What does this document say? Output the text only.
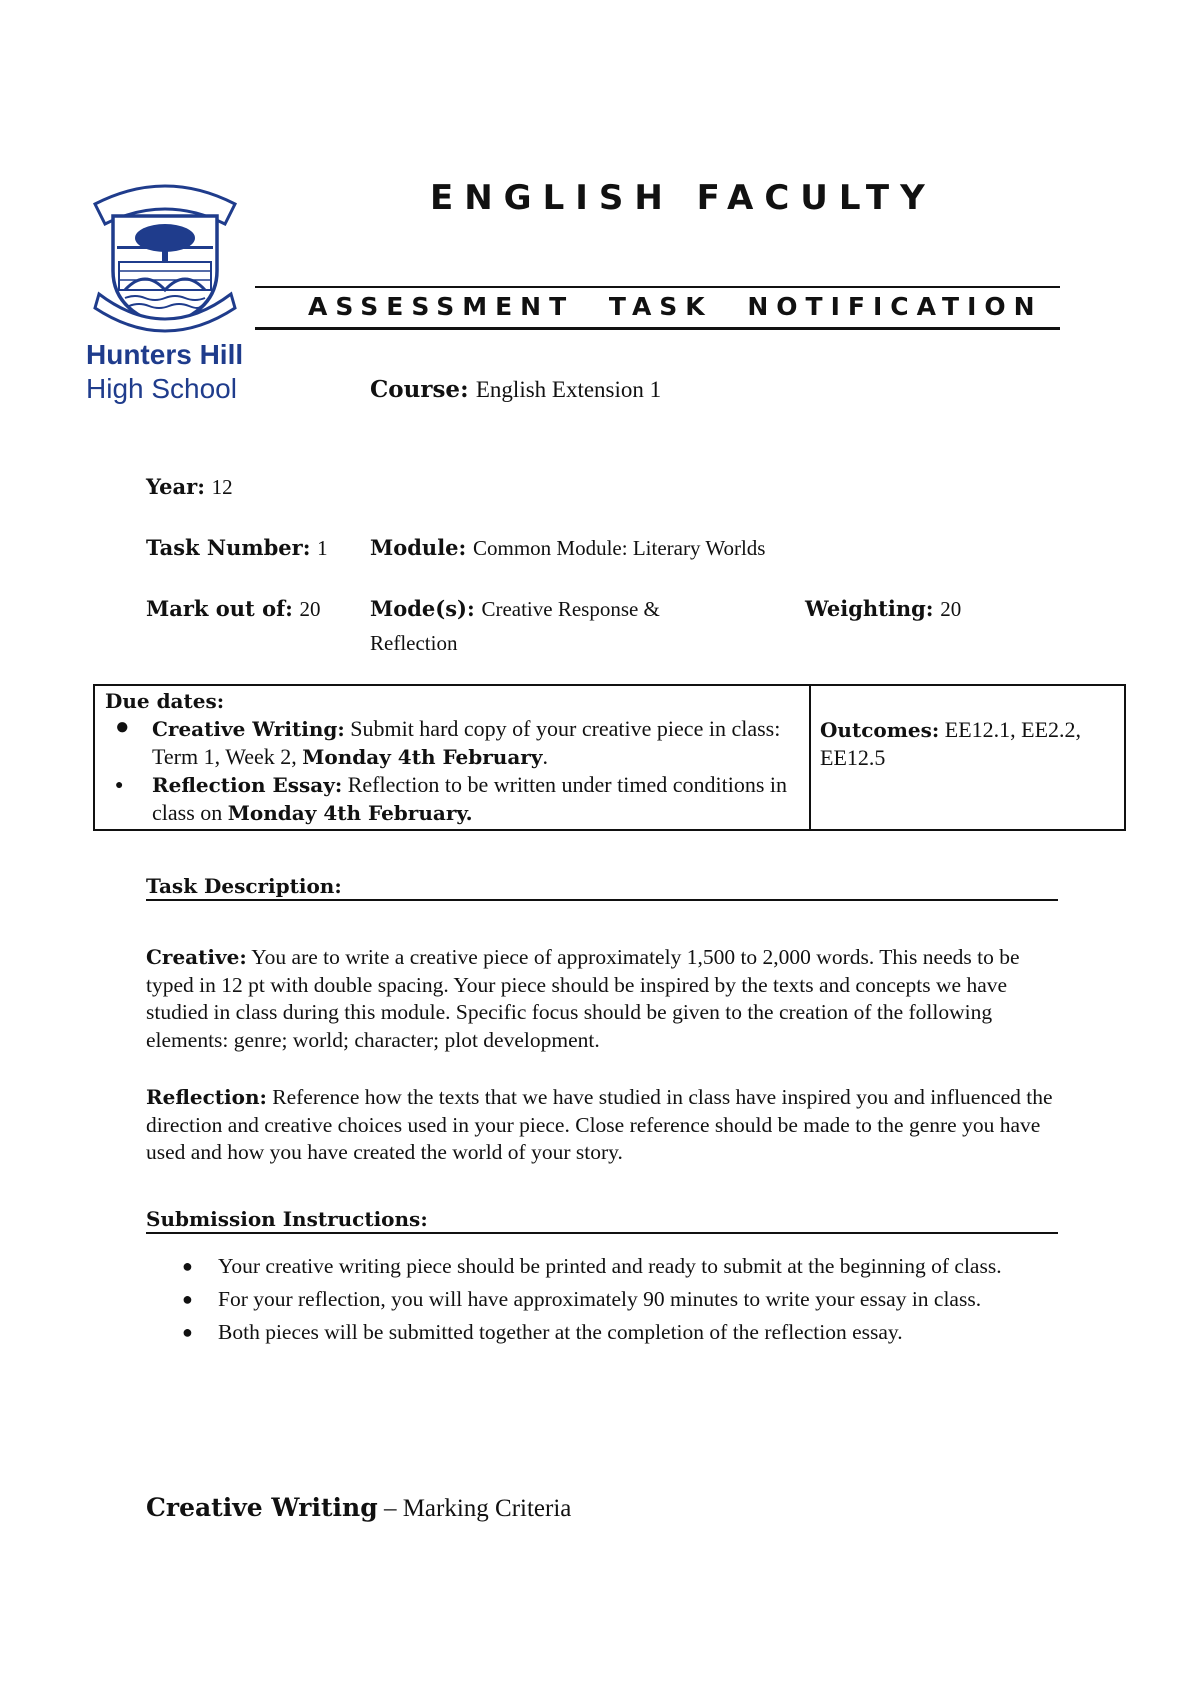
Hunters Hill
High School
ENGLISH FACULTY
ASSESSMENT TASK NOTIFICATION
Course: English Extension 1
Year: 12
Task Number: 1 Module: Common Module: Literary Worlds
Mark out of: 20 Mode(s): Creative Response &
Reflection
Weighting: 20
Due dates:
● Creative Writing: Submit hard copy of your creative piece in class: Term 1, Week 2, Monday 4th February.
● Reflection Essay: Reflection to be written under timed conditions in class on Monday 4th February.
Outcomes: EE12.1, EE2.2, EE12.5
Task Description:
Creative: You are to write a creative piece of approximately 1,500 to 2,000 words. This needs to be typed in 12 pt with double spacing. Your piece should be inspired by the texts and concepts we have studied in class during this module. Specific focus should be given to the creation of the following elements: genre; world; character; plot development.
Reflection: Reference how the texts that we have studied in class have inspired you and influenced the direction and creative choices used in your piece. Close reference should be made to the genre you have used and how you have created the world of your story.
Submission Instructions:
● Your creative writing piece should be printed and ready to submit at the beginning of class.
● For your reflection, you will have approximately 90 minutes to write your essay in class.
● Both pieces will be submitted together at the completion of the reflection essay.
Creative Writing – Marking Criteria
